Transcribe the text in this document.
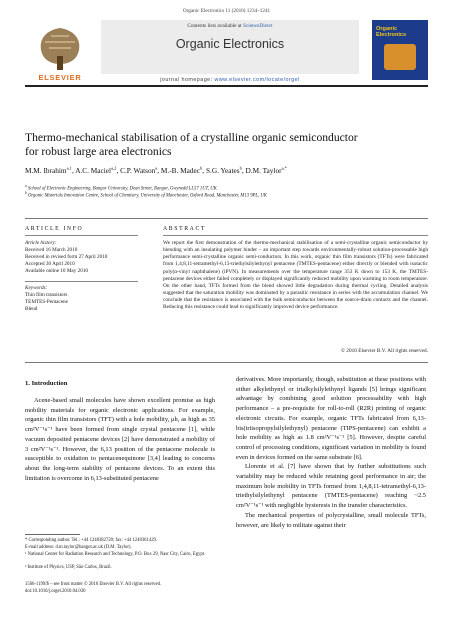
Organic Electronics 11 (2010) 1234–1241
ELSEVIER
Contents lists available at ScienceDirect
Organic Electronics
journal homepage: www.elsevier.com/locate/orgel
Organic
Electronics
Thermo-mechanical stabilisation of a crystalline organic semiconductor
for robust large area electronics
M.M. Ibrahim$^{a,1}$, A.C. Maciel$^{a,2}$, C.P. Watson$^a$, M.-B. Madec$^b$, S.G. Yeates$^b$, D.M. Taylor$^{a,*}$
$^a$ School of Electronic Engineering, Bangor University, Dean Street, Bangor, Gwynedd LL57 1UT, UK
$^b$ Organic Materials Innovation Centre, School of Chemistry, University of Manchester, Oxford Road, Manchester, M13 9PL, UK
ARTICLE INFO
Article history:
Received 16 March 2010
Received in revised form 27 April 2010
Accepted 30 April 2010
Available online 10 May 2010
Keywords:
Thin film transistors
TEMTES-Pentacene
Blend
ABSTRACT
We report the first demonstration of the thermo-mechanical stabilisation of a semi-crystalline organic semiconductor by blending with an insulating polymer binder – an important step towards environmentally-robust solution-processable high performance semi-crystalline organic semi-conductors. In this work, organic thin film transistors (TFTs) were fabricated from 1,4,8,11-tetramethyl-6,13-triethylsilylethynyl pentacene (TMTES-pentacene) either directly or blended with isotactic poly(α-vinyl naphthalene) (iPVN). In measurements over the temperature range 353 K down to 153 K, the TMTES-pentacene devices either failed completely or displayed significantly reduced mobility upon warming to room temperature. On the other hand, TFTs formed from the blend showed little degradation during thermal cycling. Detailed analysis suggested that the saturation mobility was dominated by a parasitic resistance in series with the accumulation channel. We conclude that the resistance is associated with the bulk semiconductor between the source-drain contacts and the channel. Reducing this resistance could lead to significantly improved device performance.
© 2010 Elsevier B.V. All rights reserved.
1. Introduction

Acene-based small molecules have shown excellent promise as high mobility materials for organic electronic applications. For example, organic thin film transistors (TFT) with a hole mobility, μh, as high as 35 cm²V⁻¹s⁻¹ have been formed from single crystal pentacene [1], while vacuum deposited pentacene devices [2] have demonstrated a mobility of 3 cm²V⁻¹s⁻¹. However, the 6,13 position of the pentacene molecule is susceptible to oxidation to pentacenequinone [3,4] leading to concerns about the long-term stability of pentacene devices. To an extent this limitation is overcome in 6,13-substituted pentacene

derivatives. More importantly, though, substitution at these positions with either alkylethynyl or trialkylsilylethynyl ligands [5] brings significant advantage by combining good solution processability with high performance – a pre-requisite for roll-to-roll (R2R) printing of organic electronic circuits. For example, organic TFTs fabricated from 6,13-bis(triisopropylsilylethynyl) pentacene (TIPS-pentacene) can exhibit a hole mobility as high as 1.8 cm²V⁻¹s⁻¹ [5]. However, despite careful control of processing conditions, significant variation in mobility is found even in devices formed on the same substrate [6].

Llorente et al. [7] have shown that by further substitutions such variability may be reduced while retaining good performance in air; the maximum hole mobility in TFTs formed from 1,4,8,11-tetramethyl-6,13-triethylsilylethynyl pentacene (TMTES-pentacene) reaching ~2.5 cm²V⁻¹s⁻¹ with negligible hysteresis in the transfer characteristics.

The mechanical properties of polycrystalline, small molecule TFTs, however, are likely to militate against their

* Corresponding author. Tel.: +44 1248382720; fax: +44 1248361429.
E-mail address: d.m.taylor@bangor.ac.uk (D.M. Taylor).
¹ National Center for Radiation Research and Technology, P.O. Box 29, Nasr City, Cairo, Egypt.
² Institute of Physics, USP, São Carlos, Brazil.
1566-1199/$ – see front matter © 2010 Elsevier B.V. All rights reserved.
doi:10.1016/j.orgel.2010.04.030
